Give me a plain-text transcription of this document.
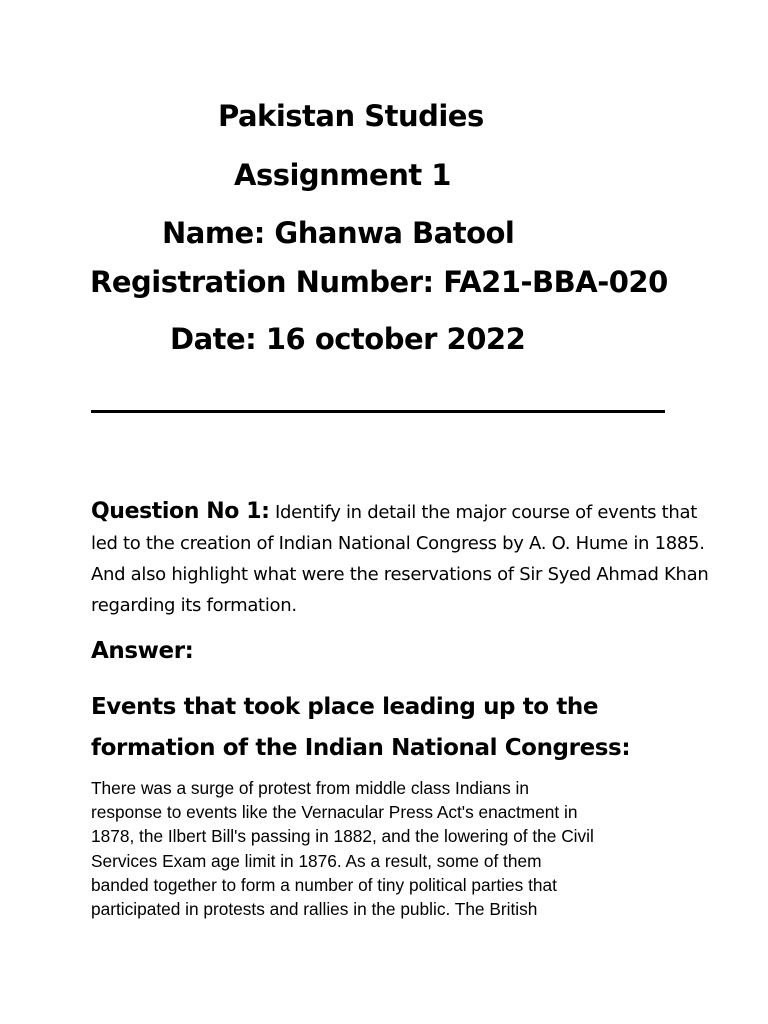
Pakistan Studies
Assignment 1
Name: Ghanwa Batool
Registration Number: FA21-BBA-020
Date: 16 october 2022
Question No 1: Identify in detail the major course of events that led to the creation of Indian National Congress by A. O. Hume in 1885. And also highlight what were the reservations of Sir Syed Ahmad Khan regarding its formation.
Answer:
Events that took place leading up to the formation of the Indian National Congress:
There was a surge of protest from middle class Indians in
response to events like the Vernacular Press Act's enactment in
1878, the Ilbert Bill's passing in 1882, and the lowering of the Civil
Services Exam age limit in 1876. As a result, some of them
banded together to form a number of tiny political parties that
participated in protests and rallies in the public. The British
